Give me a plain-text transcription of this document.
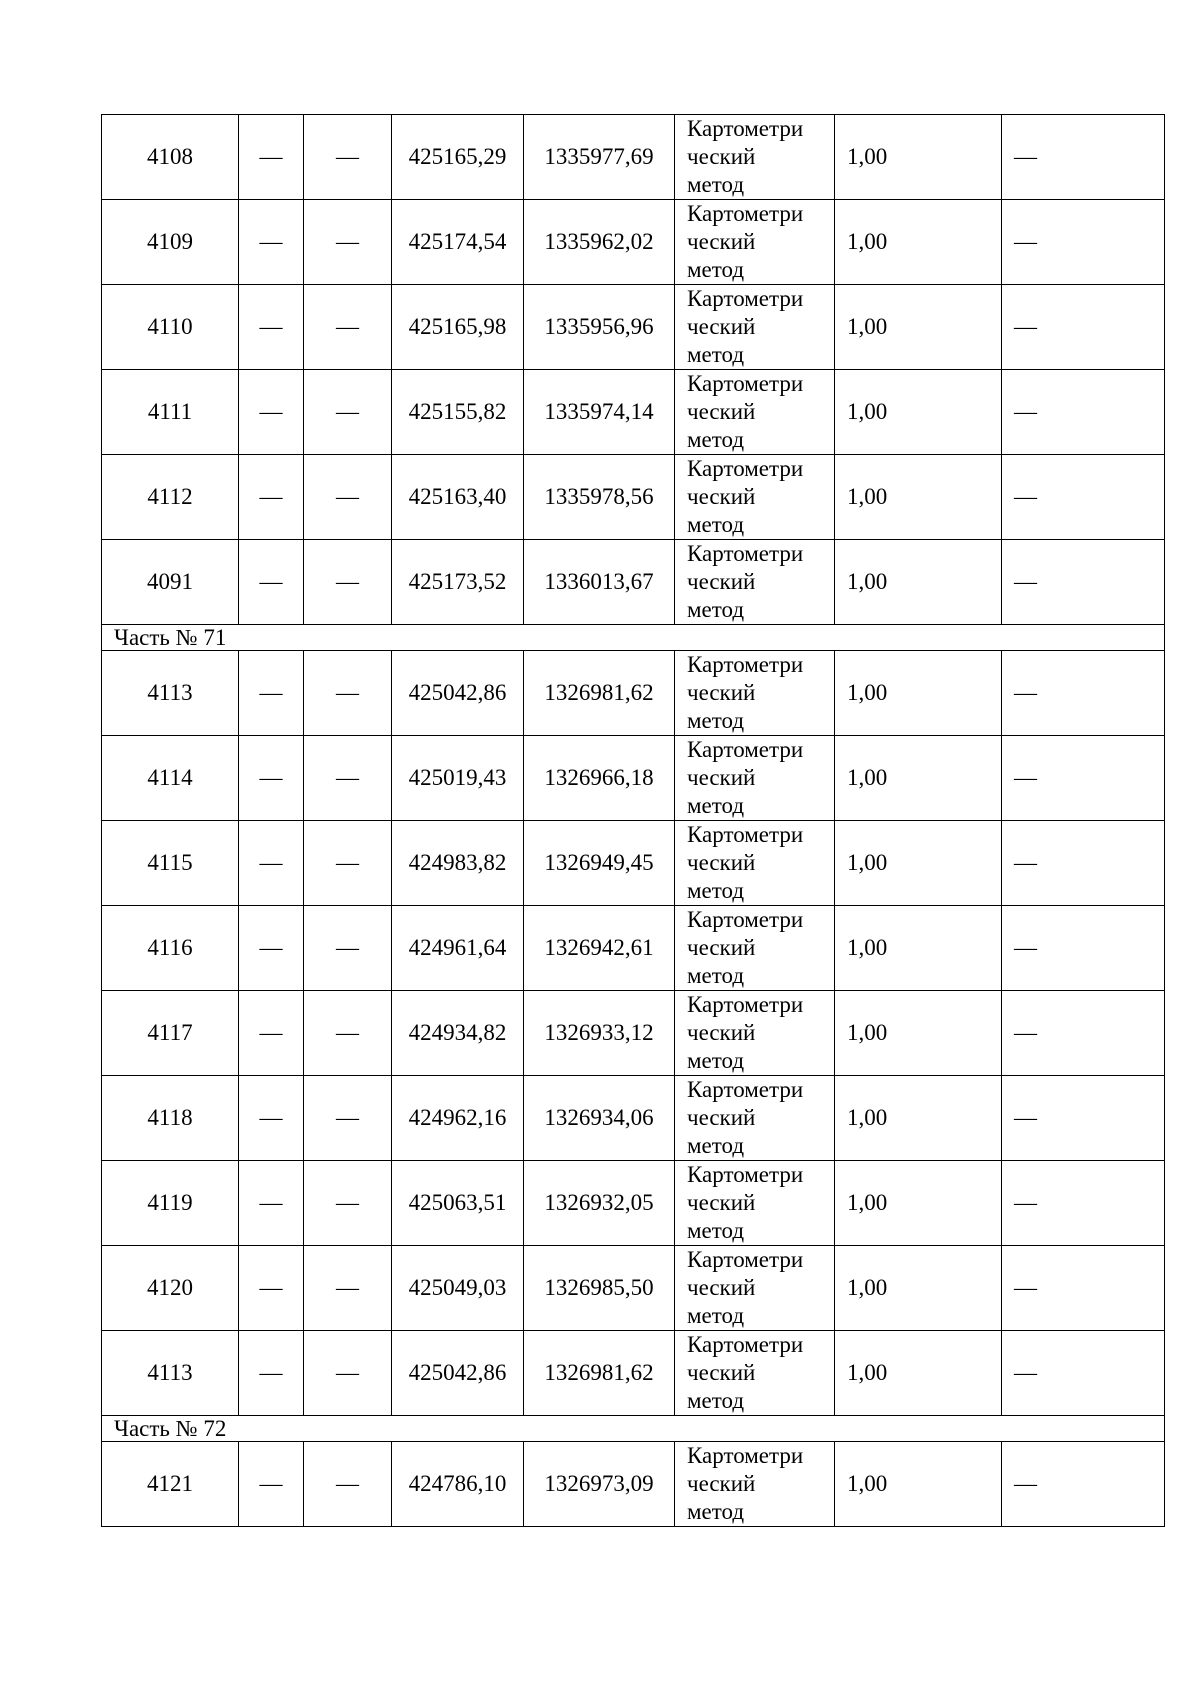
4108	—	—	425165,29	1335977,69	Картометри
ческий
метод	1,00	—
4109	—	—	425174,54	1335962,02	Картометри
ческий
метод	1,00	—
4110	—	—	425165,98	1335956,96	Картометри
ческий
метод	1,00	—
4111	—	—	425155,82	1335974,14	Картометри
ческий
метод	1,00	—
4112	—	—	425163,40	1335978,56	Картометри
ческий
метод	1,00	—
4091	—	—	425173,52	1336013,67	Картометри
ческий
метод	1,00	—
Часть № 71							
4113	—	—	425042,86	1326981,62	Картометри
ческий
метод	1,00	—
4114	—	—	425019,43	1326966,18	Картометри
ческий
метод	1,00	—
4115	—	—	424983,82	1326949,45	Картометри
ческий
метод	1,00	—
4116	—	—	424961,64	1326942,61	Картометри
ческий
метод	1,00	—
4117	—	—	424934,82	1326933,12	Картометри
ческий
метод	1,00	—
4118	—	—	424962,16	1326934,06	Картометри
ческий
метод	1,00	—
4119	—	—	425063,51	1326932,05	Картометри
ческий
метод	1,00	—
4120	—	—	425049,03	1326985,50	Картометри
ческий
метод	1,00	—
4113	—	—	425042,86	1326981,62	Картометри
ческий
метод	1,00	—
Часть № 72							
4121	—	—	424786,10	1326973,09	Картометри
ческий
метод	1,00	—
